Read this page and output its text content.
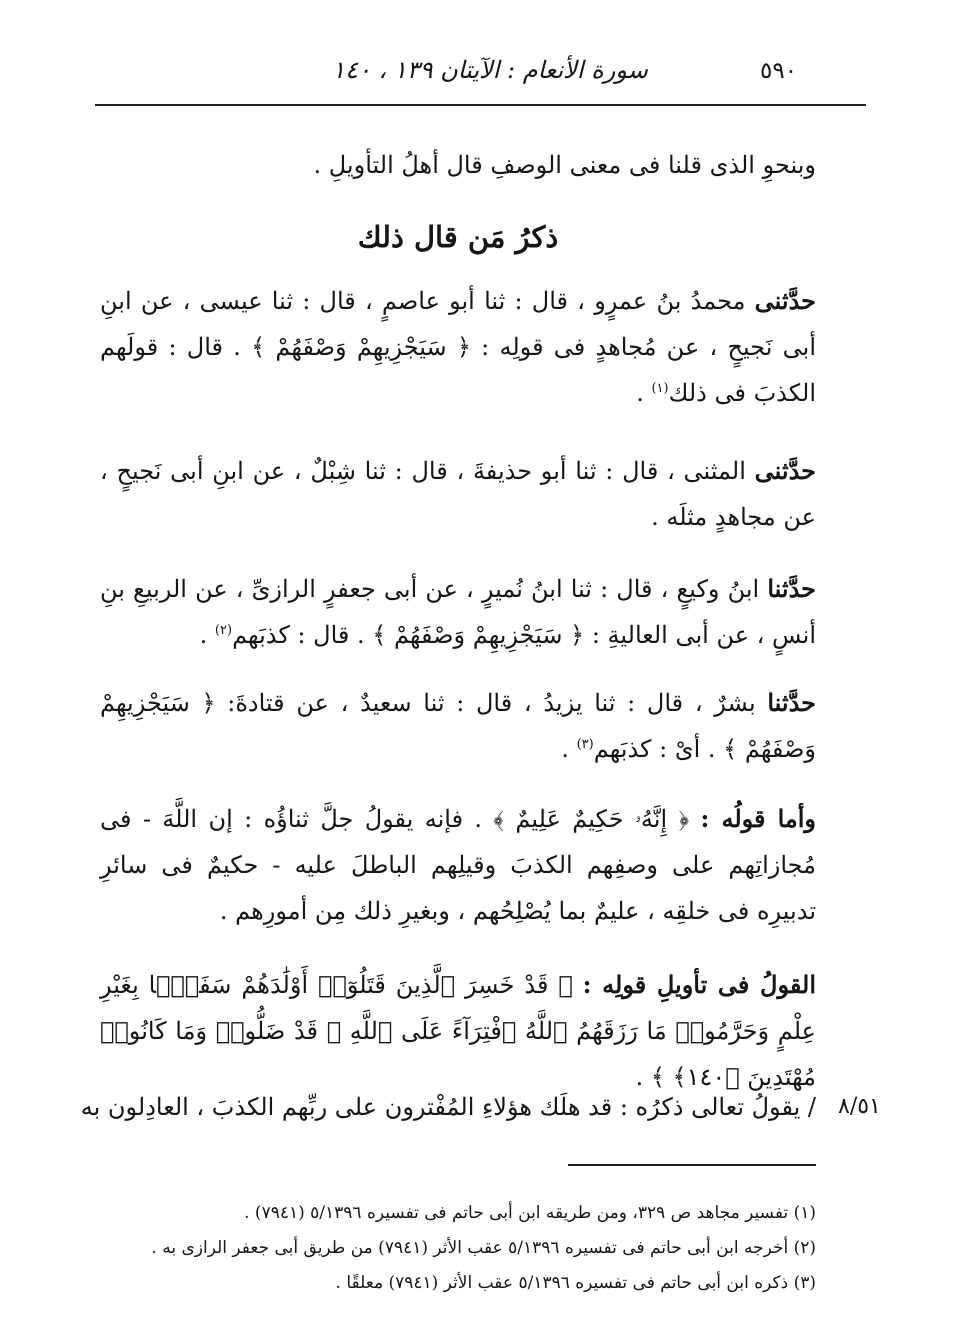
٥٩٠
سورة الأنعام : الآيتان ١٣٩ ، ١٤٠
وبنحوِ الذى قلنا فى معنى الوصفِ قال أهلُ التأويلِ .
ذكرُ مَن قال ذلك
حدَّثنى محمدُ بنُ عمرٍو ، قال : ثنا أبو عاصمٍ ، قال : ثنا عيسى ، عن ابنِ أبى نَجيحٍ ، عن مُجاهدٍ فى قولِه : ﴿ سَيَجْزِيهِمْ وَصْفَهُمْ ﴾ . قال : قولَهم الكذبَ فى ذلك$^{(١)}$ .
حدَّثنى المثنى ، قال : ثنا أبو حذيفةَ ، قال : ثنا شِبْلٌ ، عن ابنِ أبى نَجيحٍ ، عن مجاهدٍ مثلَه .
حدَّثنا ابنُ وكيعٍ ، قال : ثنا ابنُ نُميرٍ ، عن أبى جعفرٍ الرازىِّ ، عن الربيعِ بنِ أنسٍ ، عن أبى العاليةِ : ﴿ سَيَجْزِيهِمْ وَصْفَهُمْ ﴾ . قال : كذبَهم$^{(٢)}$ .
حدَّثنا بشرٌ ، قال : ثنا يزيدُ ، قال : ثنا سعيدٌ ، عن قتادةَ: ﴿ سَيَجْزِيهِمْ وَصْفَهُمْ ﴾ . أىْ : كذبَهم$^{(٣)}$ .
وأما قولُه : ﴿ إِنَّهُۥ حَكِيمٌ عَلِيمٌ ﴾ . فإنه يقولُ جلَّ ثناؤُه : إن اللَّهَ - فى مُجازاتِهم على وصفِهم الكذبَ وقيلِهم الباطلَ عليه - حكيمٌ فى سائرِ تدبيرِه فى خلقِه ، عليمٌ بما يُصْلِحُهم ، وبغيرِ ذلك مِن أمورِهم .
القولُ فى تأويلِ قولِه : ﴿ قَدْ خَسِرَ ٱلَّذِينَ قَتَلُوٓا۟ أَوْلَٰدَهُمْ سَفَهًۢا بِغَيْرِ عِلْمٍ وَحَرَّمُوا۟ مَا رَزَقَهُمُ ٱللَّهُ ٱفْتِرَآءً عَلَى ٱللَّهِ ۚ قَدْ ضَلُّوا۟ وَمَا كَانُوا۟ مُهْتَدِينَ ﴿١٤٠﴾ ﴾ .
/ يقولُ تعالى ذكرُه : قد هلَك هؤلاءِ المُفْترون على ربِّهم الكذبَ ، العادِلون به ٨/٥١
(١) تفسير مجاهد ص ٣٢٩، ومن طريقه ابن أبى حاتم فى تفسيره ٥/١٣٩٦ (٧٩٤١) .
(٢) أخرجه ابن أبى حاتم فى تفسيره ٥/١٣٩٦ عقب الأثر (٧٩٤١) من طريق أبى جعفر الرازى به .
(٣) ذكره ابن أبى حاتم فى تفسيره ٥/١٣٩٦ عقب الأثر (٧٩٤١) معلقًا .
